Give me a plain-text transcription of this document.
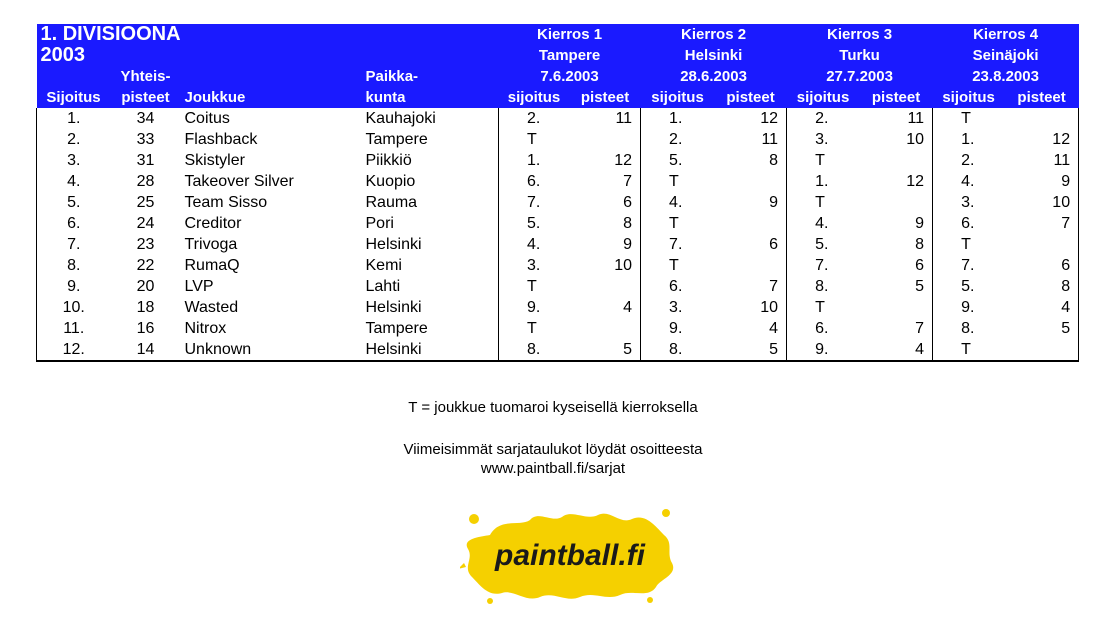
1. DIVISIOONA				Kierros 1		Kierros 2		Kierros 3		Kierros 4	
2003				Tampere		Helsinki		Turku		Seinäjoki	
	Yhteis-		Paikka-	7.6.2003		28.6.2003		27.7.2003		23.8.2003	
Sijoitus	pisteet	Joukkue	kunta	sijoitus	pisteet	sijoitus	pisteet	sijoitus	pisteet	sijoitus	pisteet
1.	34	Coitus	Kauhajoki	2.	11	1.	12	2.	11	T	
2.	33	Flashback	Tampere	T		2.	11	3.	10	1.	12
3.	31	Skistyler	Piikkiö	1.	12	5.	8	T		2.	11
4.	28	Takeover Silver	Kuopio	6.	7	T		1.	12	4.	9
5.	25	Team Sisso	Rauma	7.	6	4.	9	T		3.	10
6.	24	Creditor	Pori	5.	8	T		4.	9	6.	7
7.	23	Trivoga	Helsinki	4.	9	7.	6	5.	8	T	
8.	22	RumaQ	Kemi	3.	10	T		7.	6	7.	6
9.	20	LVP	Lahti	T		6.	7	8.	5	5.	8
10.	18	Wasted	Helsinki	9.	4	3.	10	T		9.	4
11.	16	Nitrox	Tampere	T		9.	4	6.	7	8.	5
12.	14	Unknown	Helsinki	8.	5	8.	5	9.	4	T	
T = joukkue tuomaroi kyseisellä kierroksella
Viimeisimmät sarjataulukot löydät osoitteesta
www.paintball.fi/sarjat
paintball.fi
